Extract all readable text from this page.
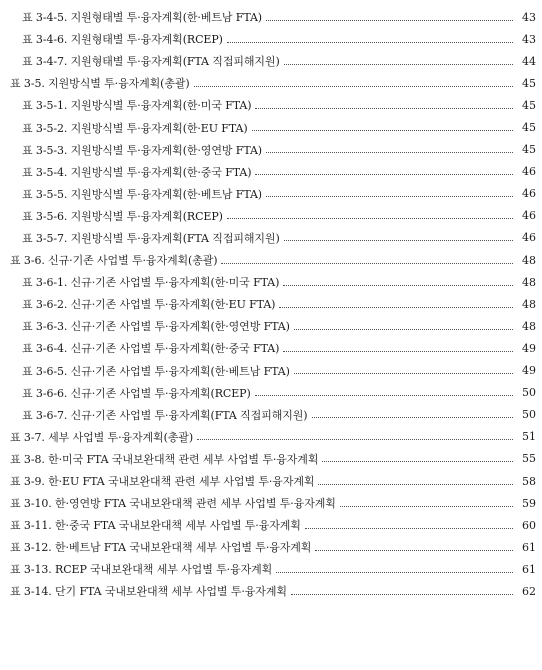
표 3-4-5. 지원형태별 투·융자계획(한·베트남 FTA)	43
표 3-4-6. 지원형태별 투·융자계획(RCEP)	43
표 3-4-7. 지원형태별 투·융자계획(FTA 직접피해지원)	44
표 3-5. 지원방식별 투·융자계획(총괄)	45
표 3-5-1. 지원방식별 투·융자계획(한·미국 FTA)	45
표 3-5-2. 지원방식별 투·융자계획(한·EU FTA)	45
표 3-5-3. 지원방식별 투·융자계획(한·영연방 FTA)	45
표 3-5-4. 지원방식별 투·융자계획(한·중국 FTA)	46
표 3-5-5. 지원방식별 투·융자계획(한·베트남 FTA)	46
표 3-5-6. 지원방식별 투·융자계획(RCEP)	46
표 3-5-7. 지원방식별 투·융자계획(FTA 직접피해지원)	46
표 3-6. 신규·기존 사업별 투·융자계획(총괄)	48
표 3-6-1. 신규·기존 사업별 투·융자계획(한·미국 FTA)	48
표 3-6-2. 신규·기존 사업별 투·융자계획(한·EU FTA)	48
표 3-6-3. 신규·기존 사업별 투·융자계획(한·영연방 FTA)	48
표 3-6-4. 신규·기존 사업별 투·융자계획(한·중국 FTA)	49
표 3-6-5. 신규·기존 사업별 투·융자계획(한·베트남 FTA)	49
표 3-6-6. 신규·기존 사업별 투·융자계획(RCEP)	50
표 3-6-7. 신규·기존 사업별 투·융자계획(FTA 직접피해지원)	50
표 3-7. 세부 사업별 투·융자계획(총괄)	51
표 3-8. 한·미국 FTA 국내보완대책 관련 세부 사업별 투·융자계획	55
표 3-9. 한·EU FTA 국내보완대책 관련 세부 사업별 투·융자계획	58
표 3-10. 한·영연방 FTA 국내보완대책 관련 세부 사업별 투·융자계획	59
표 3-11. 한·중국 FTA 국내보완대책 세부 사업별 투·융자계획	60
표 3-12. 한·베트남 FTA 국내보완대책 세부 사업별 투·융자계획	61
표 3-13. RCEP 국내보완대책 세부 사업별 투·융자계획	61
표 3-14. 단기 FTA 국내보완대책 세부 사업별 투·융자계획	62
